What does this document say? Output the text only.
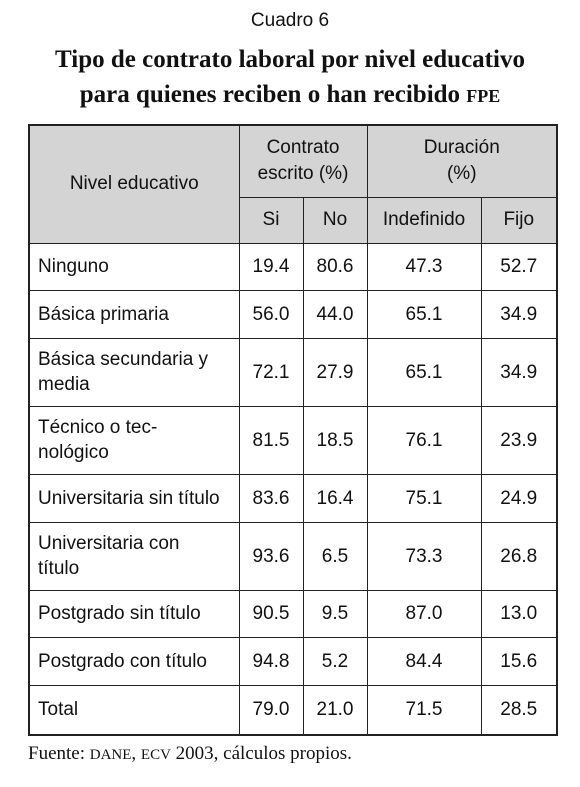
Cuadro 6
Tipo de contrato laboral por nivel educativo
para quienes reciben o han recibido FPE
Nivel educativo	Contrato escrito (%)		Duración (%)	
	Si	No	Indefinido	Fijo
Ninguno	19.4	80.6	47.3	52.7
Básica primaria	56.0	44.0	65.1	34.9
Básica secundaria y media	72.1	27.9	65.1	34.9
Técnico o tec-nológico	81.5	18.5	76.1	23.9
Universitaria sin título	83.6	16.4	75.1	24.9
Universitaria con título	93.6	6.5	73.3	26.8
Postgrado sin título	90.5	9.5	87.0	13.0
Postgrado con título	94.8	5.2	84.4	15.6
Total	79.0	21.0	71.5	28.5
Fuente: DANE, ECV 2003, cálculos propios.
